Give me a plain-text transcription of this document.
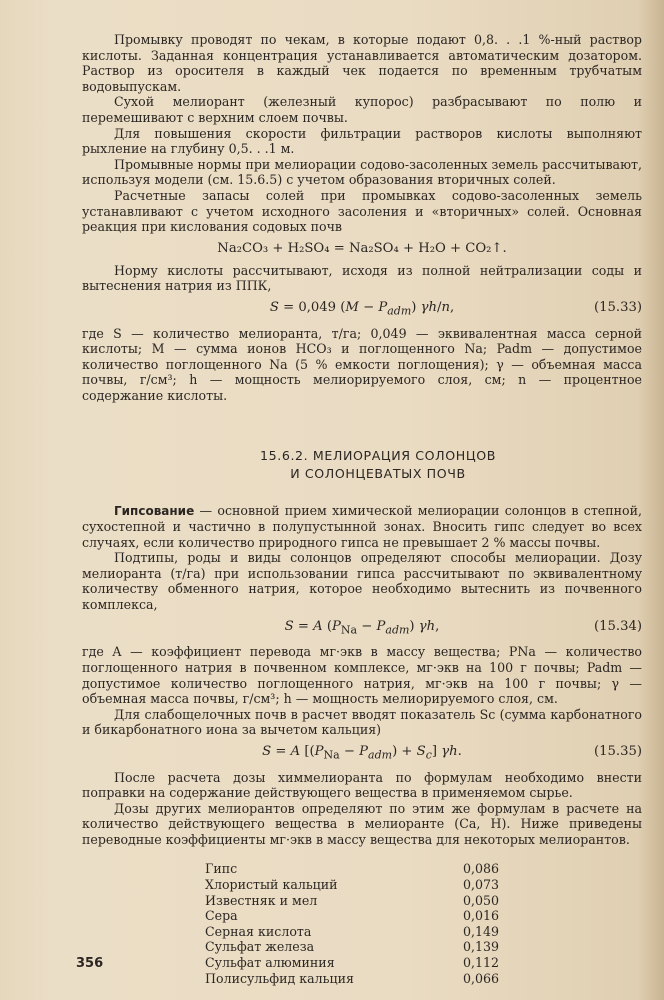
Промывку проводят по чекам, в которые подают 0,8. . .1 %-ный раствор кислоты. Заданная концентрация устанавливается автоматическим дозатором. Раствор из оросителя в каждый чек подается по временным трубчатым водовыпускам.

Сухой мелиорант (железный купорос) разбрасывают по полю и перемешивают с верхним слоем почвы.

Для повышения скорости фильтрации растворов кислоты выполняют рыхление на глубину 0,5. . .1 м.

Промывные нормы при мелиорации содово-засоленных земель рассчитывают, используя модели (см. 15.6.5) с учетом образования вторичных солей.

Расчетные запасы солей при промывках содово-засоленных земель устанавливают с учетом исходного засоления и «вторичных» солей. Основная реакция при кислования содовых почв

Na₂CO₃ + H₂SO₄ = Na₂SO₄ + H₂O + CO₂↑.

Норму кислоты рассчитывают, исходя из полной нейтрализации соды и вытеснения натрия из ППК,

S = 0,049 $(M - P_{adm})$ γh/n,	(15.33)

где S — количество мелиоранта, т/га; 0,049 — эквивалентная масса серной кислоты; M — сумма ионов HCO₃ и поглощенного Na; Padm — допустимое количество поглощенного Na (5 % емкости поглощения); γ — объемная масса почвы, г/см³; h — мощность мелиорируемого слоя, см; n — процентное содержание кислоты.

15.6.2. МЕЛИОРАЦИЯ СОЛОНЦОВ

И СОЛОНЦЕВАТЫХ ПОЧВ

Гипсование — основной прием химической мелиорации солонцов в степной, сухостепной и частично в полупустынной зонах. Вносить гипс следует во всех случаях, если количество природного гипса не превышает 2 % массы почвы.

Подтипы, роды и виды солонцов определяют способы мелиорации. Дозу мелиоранта (т/га) при использовании гипса рассчитывают по эквивалентному количеству обменного натрия, которое необходимо вытеснить из почвенного комплекса,

S = A $(P_{Na} - P_{adm})$ γh,	(15.34)

где A — коэффициент перевода мг·экв в массу вещества; PNa — количество поглощенного натрия в почвенном комплексе, мг·экв на 100 г почвы; Padm — допустимое количество поглощенного натрия, мг·экв на 100 г почвы; γ — объемная масса почвы, г/см³; h — мощность мелиорируемого слоя, см.

Для слабощелочных почв в расчет вводят показатель Sc (сумма карбонатного и бикарбонатного иона за вычетом кальция)

S = A $[(P_{Na} - P_{adm}) + S_c]$ γh.	(15.35)

После расчета дозы химмелиоранта по формулам необходимо внести поправки на содержание действующего вещества в применяемом сырье.

Дозы других мелиорантов определяют по этим же формулам в расчете на количество действующего вещества в мелиоранте (Ca, H). Ниже приведены переводные коэффициенты мг·экв в массу вещества для некоторых мелиорантов.

Гипс	0,086
Хлористый кальций	0,073
Известняк и мел	0,050
Сера	0,016
Серная кислота	0,149
Сульфат железа	0,139
Сульфат алюминия	0,112
Полисульфид кальция	0,066
356
